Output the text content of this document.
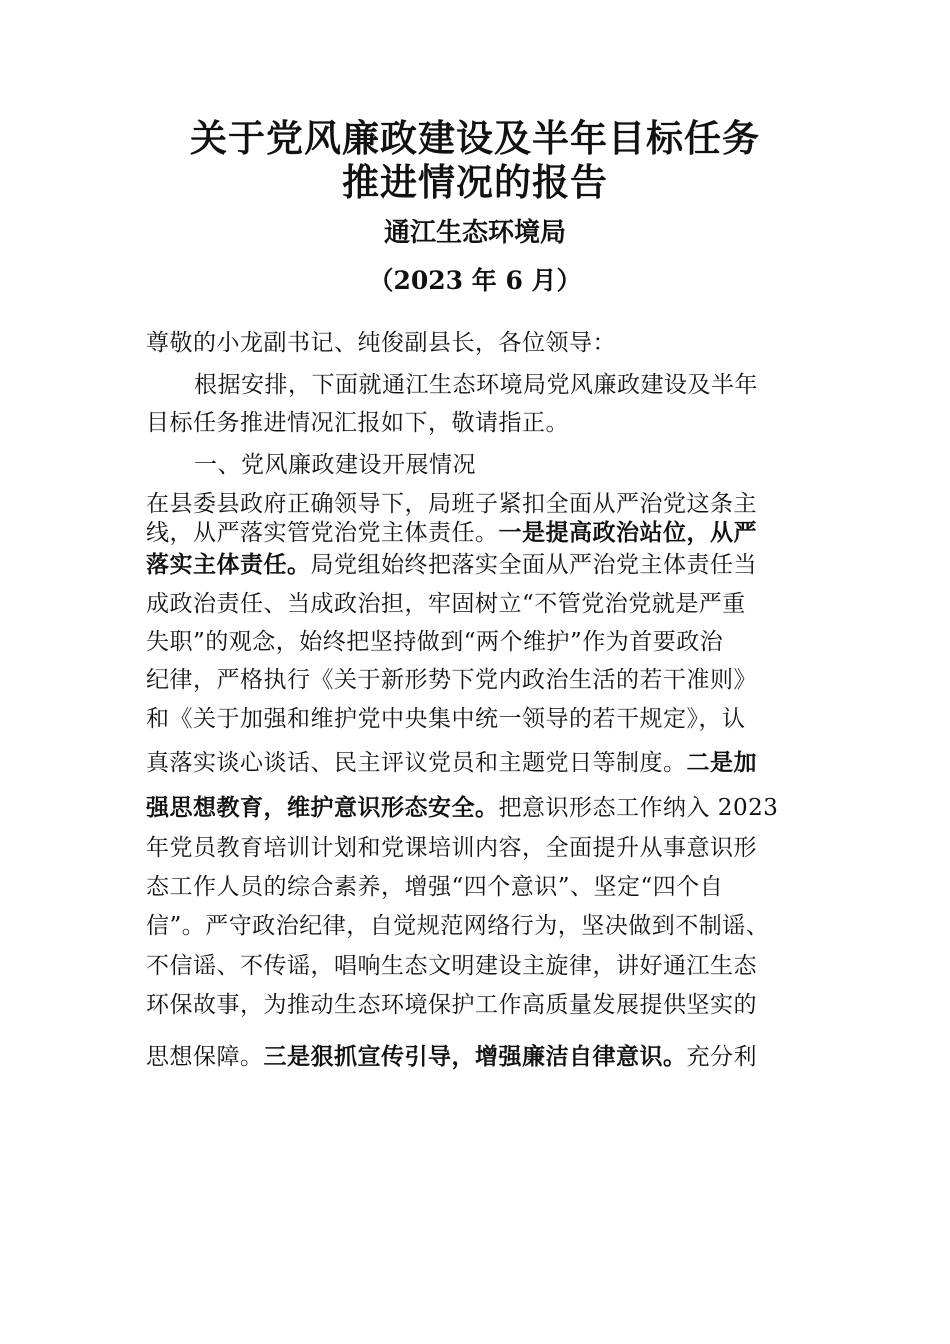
关于党风廉政建设及半年目标任务
推进情况的报告
通江生态环境局
（2023 年 6 月）
尊敬的小龙副书记、纯俊副县长，各位领导：
根据安排，下面就通江生态环境局党风廉政建设及半年
目标任务推进情况汇报如下，敬请指正。
一、党风廉政建设开展情况
在县委县政府正确领导下，局班子紧扣全面从严治党这条主
线，从严落实管党治党主体责任。一是提高政治站位，从严
落实主体责任。局党组始终把落实全面从严治党主体责任当
成政治责任、当成政治担，牢固树立“不管党治党就是严重
失职”的观念，始终把坚持做到“两个维护”作为首要政治
纪律，严格执行《关于新形势下党内政治生活的若干准则》
和《关于加强和维护党中央集中统一领导的若干规定》，认
真落实谈心谈话、民主评议党员和主题党日等制度。二是加
强思想教育，维护意识形态安全。把意识形态工作纳入 2023
年党员教育培训计划和党课培训内容，全面提升从事意识形
态工作人员的综合素养，增强“四个意识”、坚定“四个自
信”。严守政治纪律，自觉规范网络行为，坚决做到不制谣、
不信谣、不传谣，唱响生态文明建设主旋律，讲好通江生态
环保故事，为推动生态环境保护工作高质量发展提供坚实的
思想保障。三是狠抓宣传引导，增强廉洁自律意识。充分利
